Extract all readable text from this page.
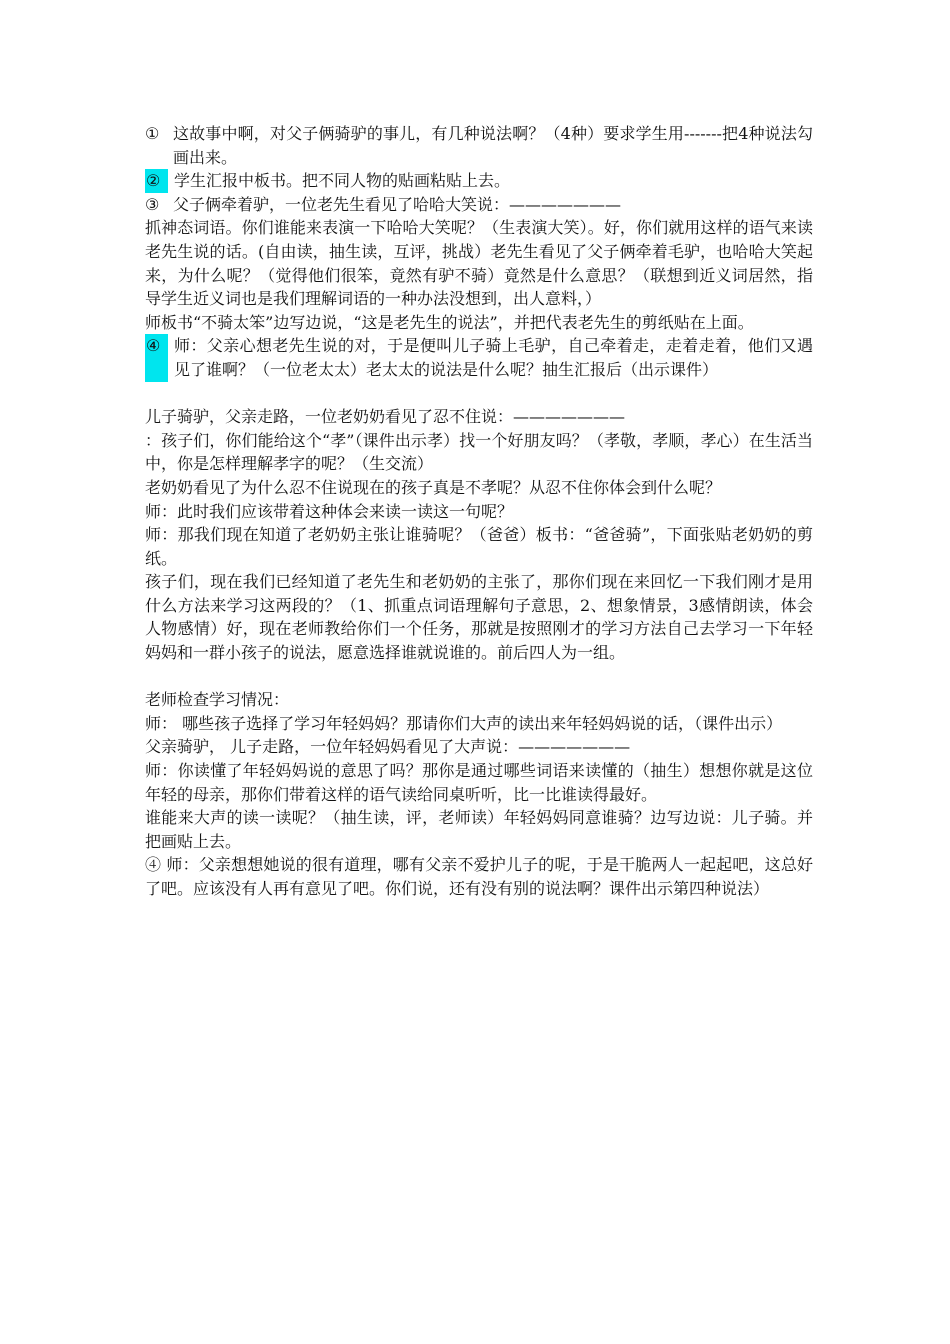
① 这故事中啊，对父子俩骑驴的事儿，有几种说法啊？（4种）要求学生用-------把4种说法勾画出来。
② 学生汇报中板书。把不同人物的贴画粘贴上去。
③ 父子俩牵着驴，一位老先生看见了哈哈大笑说：———————

抓神态词语。你们谁能来表演一下哈哈大笑呢？（生表演大笑）。好，你们就用这样的语气来读老先生说的话。(自由读，抽生读，互评，挑战）老先生看见了父子俩牵着毛驴，也哈哈大笑起来，为什么呢？（觉得他们很笨，竟然有驴不骑）竟然是什么意思？（联想到近义词居然，指导学生近义词也是我们理解词语的一种办法没想到，出人意料，）

师板书“不骑太笨”边写边说，“这是老先生的说法”，并把代表老先生的剪纸贴在上面。

④ 师：父亲心想老先生说的对，于是便叫儿子骑上毛驴，自己牵着走，走着走着，他们又遇见了谁啊？（一位老太太）老太太的说法是什么呢？抽生汇报后（出示课件）

儿子骑驴，父亲走路，一位老奶奶看见了忍不住说：———————

：孩子们，你们能给这个“孝”（课件出示孝）找一个好朋友吗？（孝敬，孝顺，孝心）在生活当中，你是怎样理解孝字的呢？（生交流）

老奶奶看见了为什么忍不住说现在的孩子真是不孝呢？从忍不住你体会到什么呢？

师：此时我们应该带着这种体会来读一读这一句呢？

师：那我们现在知道了老奶奶主张让谁骑呢？（爸爸）板书：“爸爸骑”，下面张贴老奶奶的剪纸。

孩子们，现在我们已经知道了老先生和老奶奶的主张了，那你们现在来回忆一下我们刚才是用什么方法来学习这两段的？（1、抓重点词语理解句子意思，2、想象情景，3感情朗读，体会人物感情）好，现在老师教给你们一个任务，那就是按照刚才的学习方法自己去学习一下年轻妈妈和一群小孩子的说法，愿意选择谁就说谁的。前后四人为一组。

老师检查学习情况：

师： 哪些孩子选择了学习年轻妈妈？那请你们大声的读出来年轻妈妈说的话，（课件出示）

父亲骑驴， 儿子走路，一位年轻妈妈看见了大声说：———————

师：你读懂了年轻妈妈说的意思了吗？那你是通过哪些词语来读懂的（抽生）想想你就是这位年轻的母亲，那你们带着这样的语气读给同桌听听，比一比谁读得最好。

谁能来大声的读一读呢？（抽生读，评，老师读）年轻妈妈同意谁骑？边写边说：儿子骑。并把画贴上去。

④ 师：父亲想想她说的很有道理，哪有父亲不爱护儿子的呢，于是干脆两人一起起吧，这总好了吧。应该没有人再有意见了吧。你们说，还有没有别的说法啊？课件出示第四种说法）
